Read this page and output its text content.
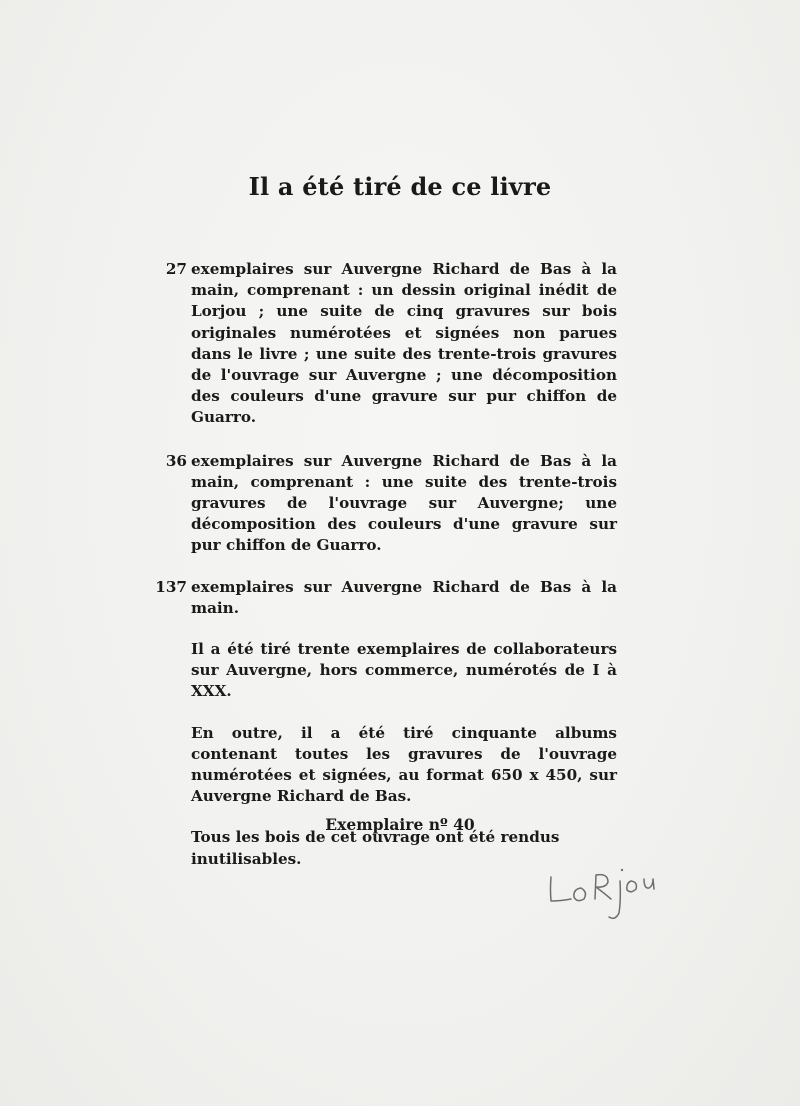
Il a été tiré de ce livre
27 exemplaires sur Auvergne Richard de Bas à la main, comprenant : un dessin original inédit de Lorjou ; une suite de cinq gravures sur bois originales numérotées et signées non parues dans le livre ; une suite des trente-trois gravures de l'ouvrage sur Auvergne ; une décomposition des couleurs d'une gravure sur pur chiffon de Guarro.
36 exemplaires sur Auvergne Richard de Bas à la main, comprenant : une suite des trente-trois gravures de l'ouvrage sur Auvergne; une décomposition des couleurs d'une gravure sur pur chiffon de Guarro.
137 exemplaires sur Auvergne Richard de Bas à la main.
Il a été tiré trente exemplaires de collaborateurs sur Auvergne, hors commerce, numérotés de I à XXX.
En outre, il a été tiré cinquante albums contenant toutes les gravures de l'ouvrage numérotées et signées, au format 650 x 450, sur Auvergne Richard de Bas.
Tous les bois de cet ouvrage ont été rendus inutilisables.
Exemplaire nº 40
